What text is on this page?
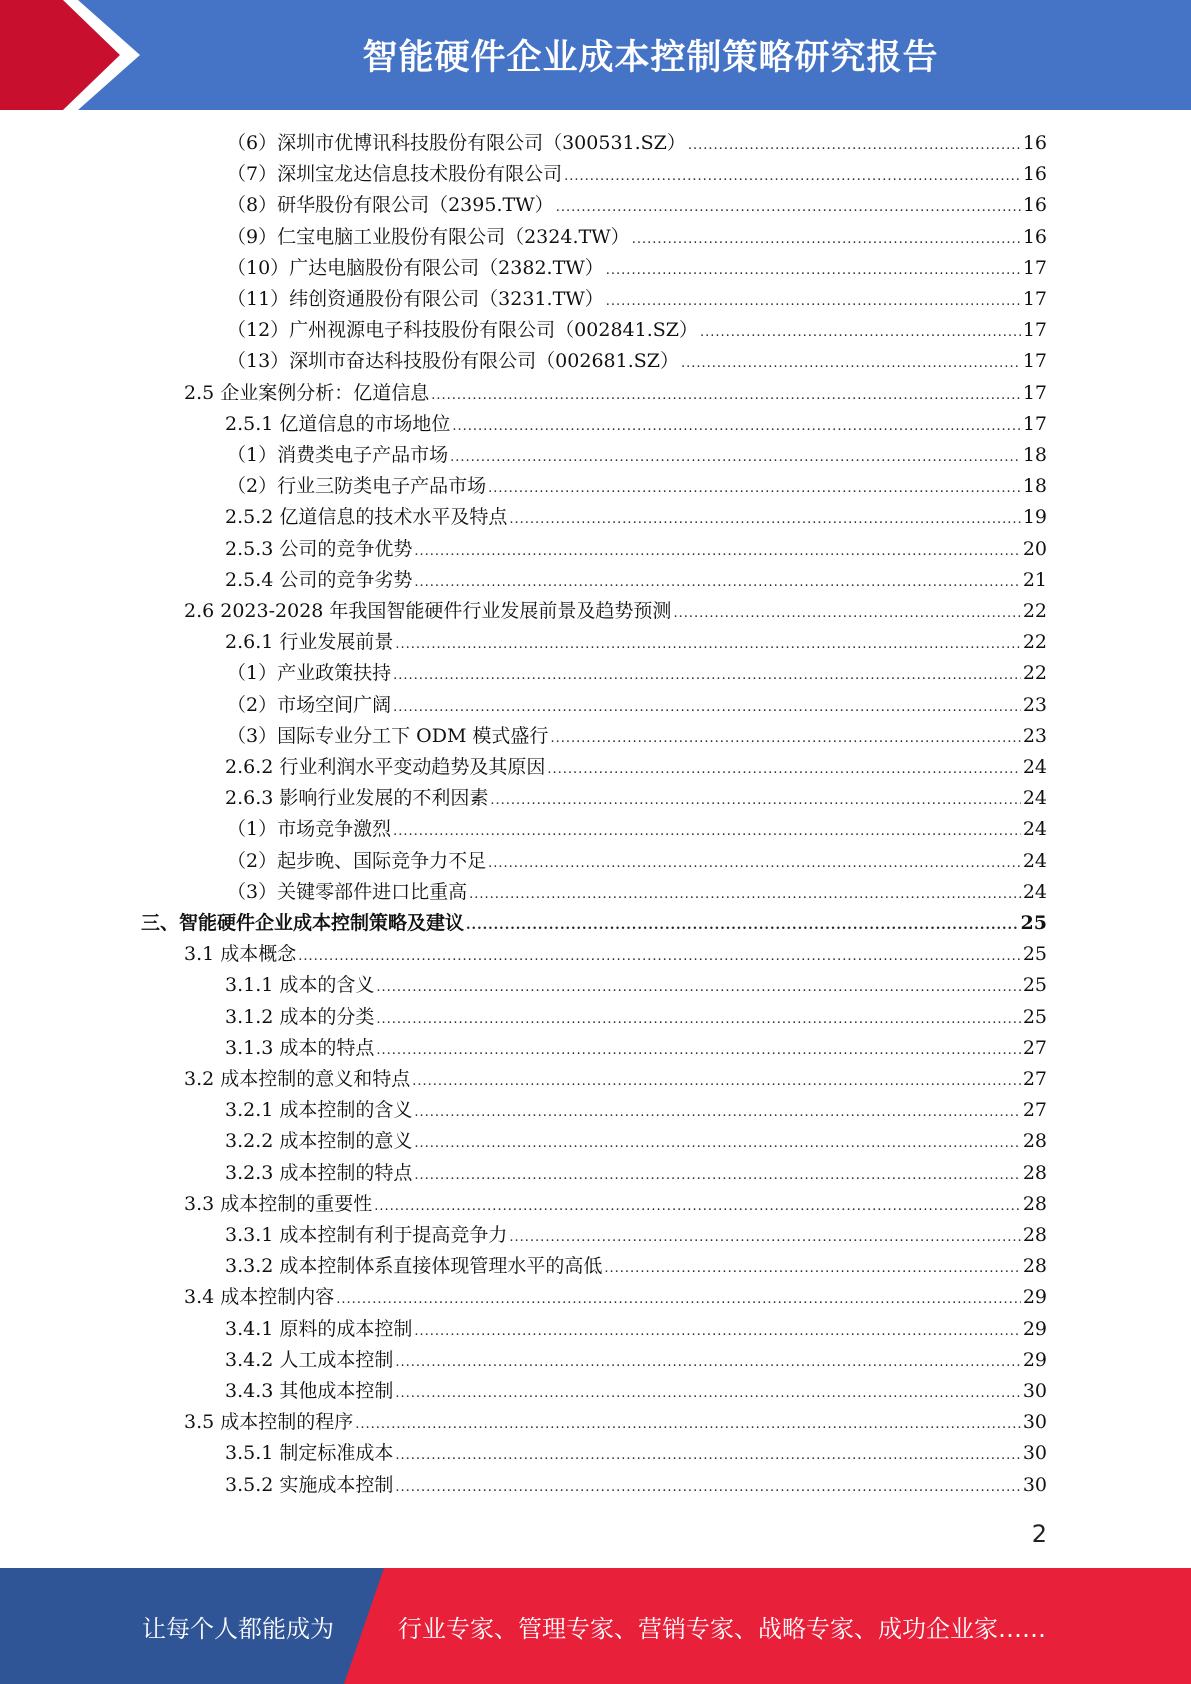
智能硬件企业成本控制策略研究报告
（6）深圳市优博讯科技股份有限公司（300531.SZ） .....	16
（7）深圳宝龙达信息技术股份有限公司 .....	16
（8）研华股份有限公司（2395.TW） .....	16
（9）仁宝电脑工业股份有限公司（2324.TW） .....	16
（10）广达电脑股份有限公司（2382.TW） .....	17
（11）纬创资通股份有限公司（3231.TW） .....	17
（12）广州视源电子科技股份有限公司（002841.SZ） .....	17
（13）深圳市奋达科技股份有限公司（002681.SZ） .....	17
2.5 企业案例分析：亿道信息 .....	17
2.5.1 亿道信息的市场地位 .....	17
（1）消费类电子产品市场 .....	18
（2）行业三防类电子产品市场 .....	18
2.5.2 亿道信息的技术水平及特点 .....	19
2.5.3 公司的竞争优势 .....	20
2.5.4 公司的竞争劣势 .....	21
2.6 2023-2028 年我国智能硬件行业发展前景及趋势预测 .....	22
2.6.1 行业发展前景 .....	22
（1）产业政策扶持 .....	22
（2）市场空间广阔 .....	23
（3）国际专业分工下 ODM 模式盛行 .....	23
2.6.2 行业利润水平变动趋势及其原因 .....	24
2.6.3 影响行业发展的不利因素 .....	24
（1）市场竞争激烈 .....	24
（2）起步晚、国际竞争力不足 .....	24
（3）关键零部件进口比重高 .....	24
三、智能硬件企业成本控制策略及建议 .....	25
3.1 成本概念 .....	25
3.1.1 成本的含义 .....	25
3.1.2 成本的分类 .....	25
3.1.3 成本的特点 .....	27
3.2 成本控制的意义和特点 .....	27
3.2.1 成本控制的含义 .....	27
3.2.2 成本控制的意义 .....	28
3.2.3 成本控制的特点 .....	28
3.3 成本控制的重要性 .....	28
3.3.1 成本控制有利于提高竞争力 .....	28
3.3.2 成本控制体系直接体现管理水平的高低 .....	28
3.4 成本控制内容 .....	29
3.4.1 原料的成本控制 .....	29
3.4.2 人工成本控制 .....	29
3.4.3 其他成本控制 .....	30
3.5 成本控制的程序 .....	30
3.5.1 制定标准成本 .....	30
3.5.2 实施成本控制 .....	30
2
让每个人都能成为	行业专家、管理专家、营销专家、战略专家、成功企业家……
